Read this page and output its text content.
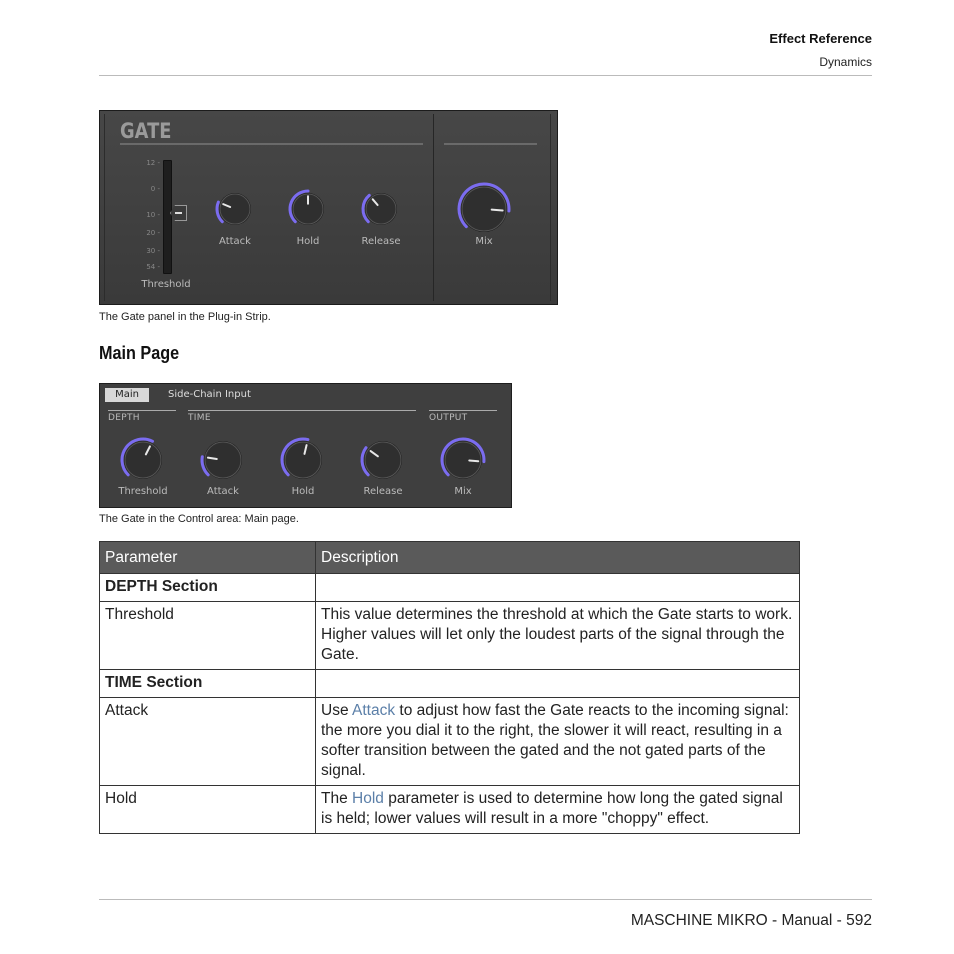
Effect Reference
Dynamics
GATE
12 -
0 -
10 -
20 -
30 -
54 -
Threshold
Attack	Hold	Release	Mix
The Gate panel in the Plug-in Strip.
Main Page
Main	Side-Chain Input
DEPTH	TIME	OUTPUT
Threshold	Attack	Hold	Release	Mix
The Gate in the Control area: Main page.
Parameter	Description
DEPTH Section	
Threshold	This value determines the threshold at which the Gate starts to work. Higher values will let only the loudest parts of the signal through the Gate.
TIME Section	
Attack	Use Attack to adjust how fast the Gate reacts to the incoming signal: the more you dial it to the right, the slower it will react, resulting in a softer transition between the gated and the not gated parts of the signal.
Hold	The Hold parameter is used to determine how long the gated signal is held; lower values will result in a more "choppy" effect.
MASCHINE MIKRO - Manual - 592
